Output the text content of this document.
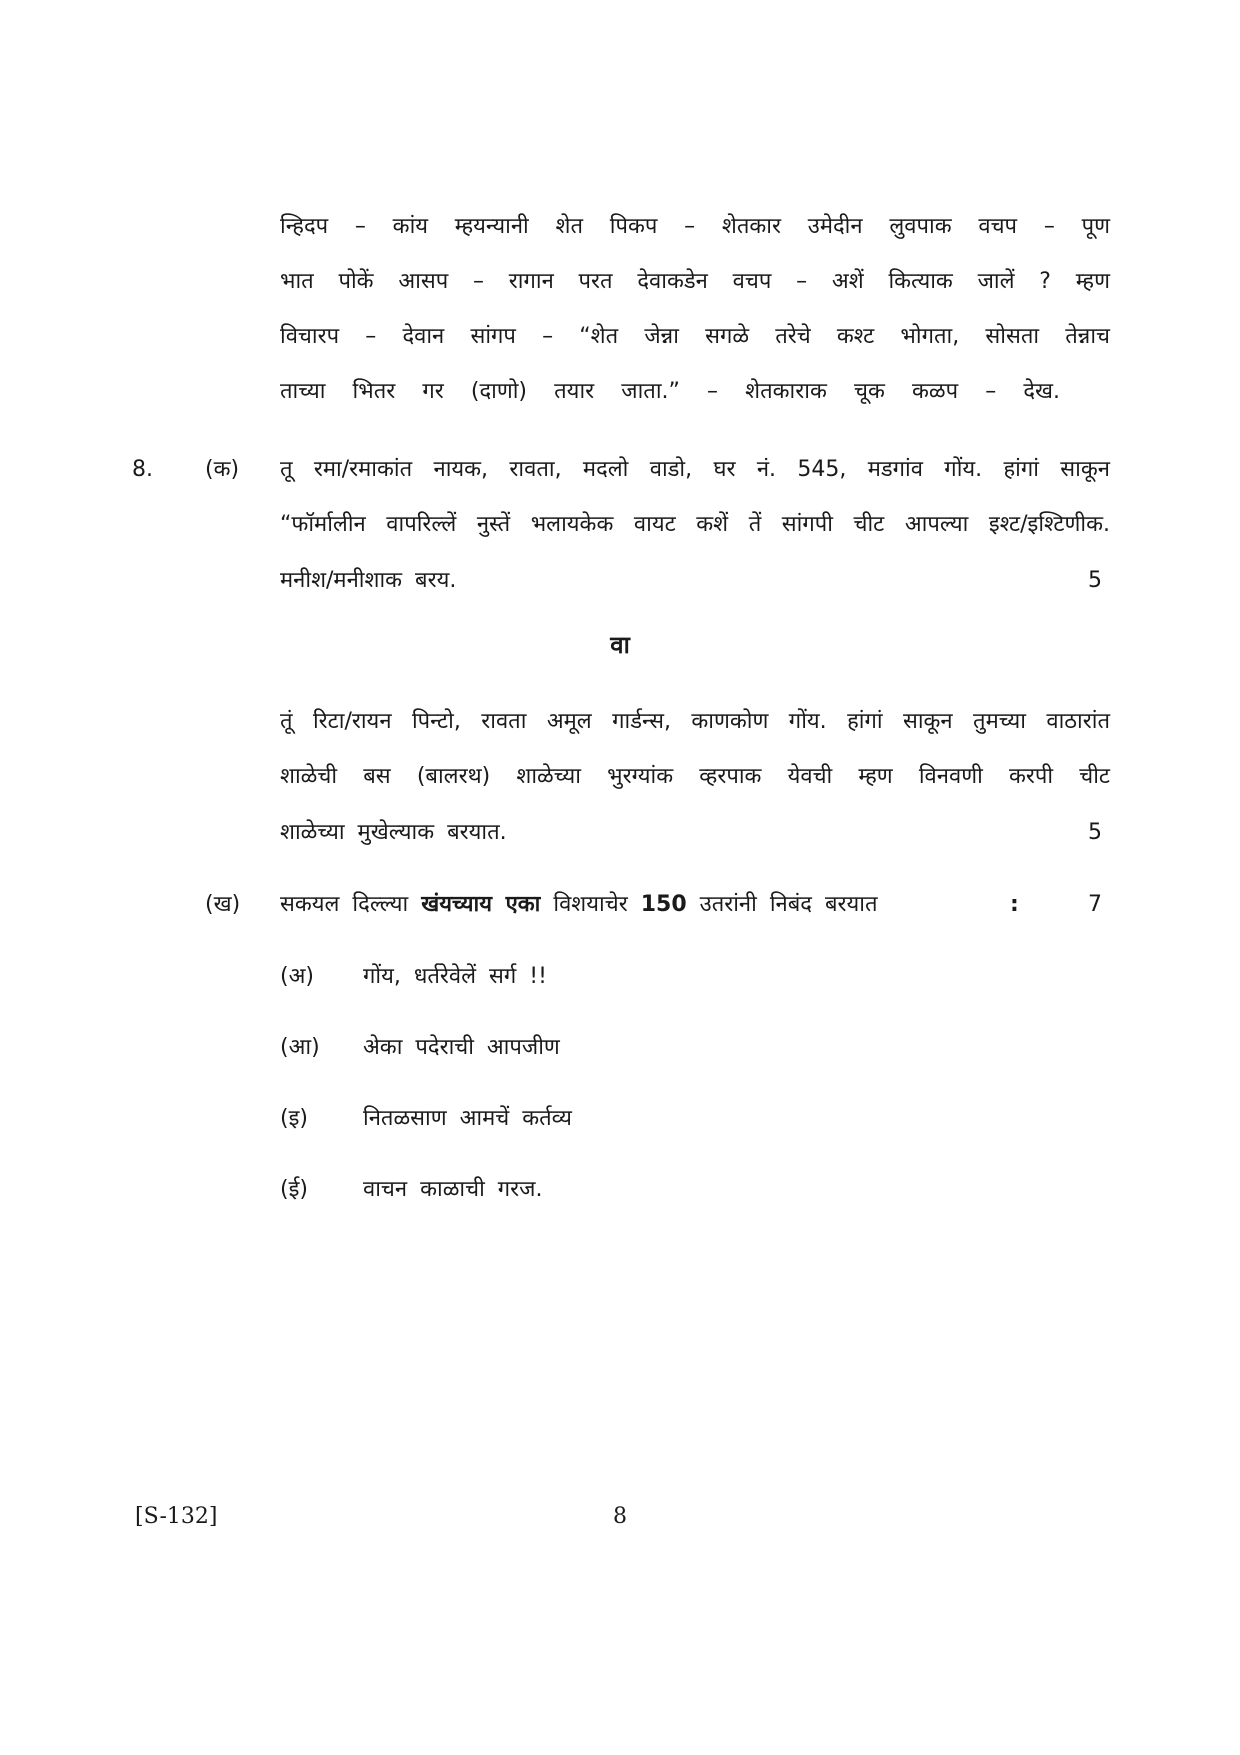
न्हिदप – कांय म्हयन्यानी शेत पिकप – शेतकार उमेदीन लुवपाक वचप – पूण
भात पोकें आसप – रागान परत देवाकडेन वचप – अशें कित्याक जालें ? म्हण
विचारप – देवान सांगप – “शेत जेन्ना सगळे तरेचे कश्ट भोगता, सोसता तेन्नाच
ताच्या भितर गर (दाणो) तयार जाता.” – शेतकाराक चूक कळप – देख.
8. (क) तू रमा/रमाकांत नायक, रावता, मदलो वाडो, घर नं. 545, मडगांव गोंय. हांगां साकून
“फॉर्मालीन वापरिल्लें नुस्तें भलायकेक वायट कशें तें सांगपी चीट आपल्या इश्ट/इश्टिणीक.
मनीश/मनीशाक बरय.	5
वा
तूं रिटा/रायन पिन्टो, रावता अमूल गार्डन्स, काणकोण गोंय. हांगां साकून तुमच्या वाठारांत
शाळेची बस (बालरथ) शाळेच्या भुरग्यांक व्हरपाक येवची म्हण विनवणी करपी चीट
शाळेच्या मुखेल्याक बरयात.	5
(ख) सकयल दिल्ल्या खंयच्याय एका विशयाचेर 150 उतरांनी निबंद बरयात	:	7
(अ) गोंय, धर्तरेवेलें सर्ग !!
(आ) अेका पदेराची आपजीण
(इ)	नितळसाण आमचें कर्तव्य
(ई)	वाचन काळाची गरज.
[S-132]	8
